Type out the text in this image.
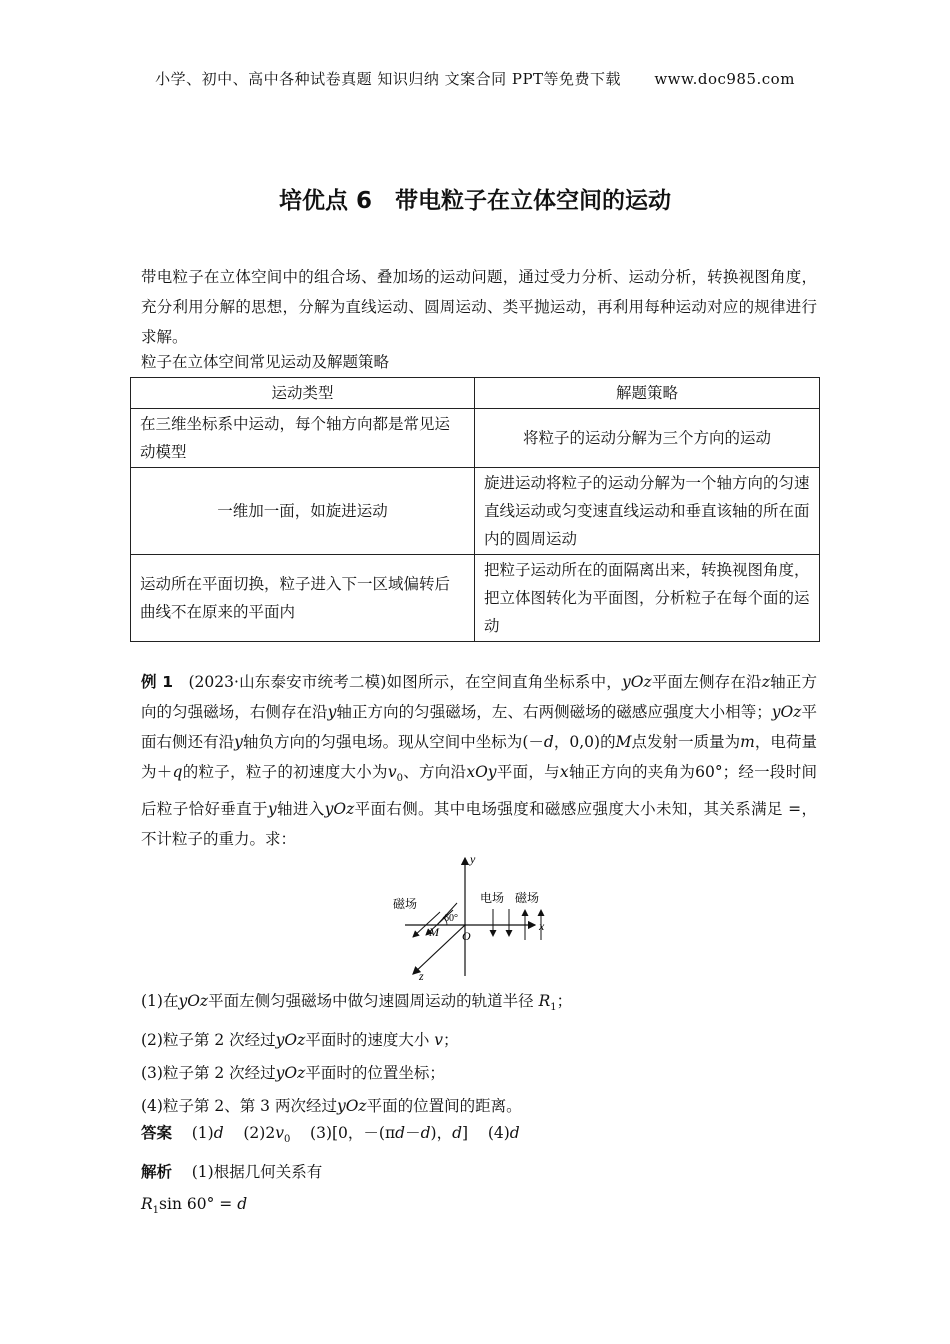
小学、初中、高中各种试卷真题 知识归纳 文案合同 PPT等免费下载 www.doc985.com
培优点 6　带电粒子在立体空间的运动

带电粒子在立体空间中的组合场、叠加场的运动问题，通过受力分析、运动分析，转换视图角度，充分利用分解的思想，分解为直线运动、圆周运动、类平抛运动，再利用每种运动对应的规律进行求解。

粒子在立体空间常见运动及解题策略
运动类型	解题策略
在三维坐标系中运动，每个轴方向都是常见运动模型	将粒子的运动分解为三个方向的运动
一维加一面，如旋进运动	旋进运动将粒子的运动分解为一个轴方向的匀速直线运动或匀变速直线运动和垂直该轴的所在面内的圆周运动
运动所在平面切换，粒子进入下一区域偏转后曲线不在原来的平面内	把粒子运动所在的面隔离出来，转换视图角度，把立体图转化为平面图，分析粒子在每个面的运动

例 1 (2023·山东泰安市统考二模)如图所示，在空间直角坐标系中，yOz平面左侧存在沿z轴正方向的匀强磁场，右侧存在沿y轴正方向的匀强磁场，左、右两侧磁场的磁感应强度大小相等；yOz平面右侧还有沿y轴负方向的匀强电场。现从空间中坐标为(－d，0,0)的M点发射一质量为m，电荷量为＋q的粒子，粒子的初速度大小为$v_0$、方向沿xOy平面，与x轴正方向的夹角为60°；经一段时间后粒子恰好垂直于y轴进入yOz平面右侧。其中电场强度和磁感应强度大小未知，其关系满足 =，不计粒子的重力。求：

y
x
z
O
M
60°
磁场	电场 磁场
(1)在yOz平面左侧匀强磁场中做匀速圆周运动的轨道半径 $R_1$；
(2)粒子第 2 次经过yOz平面时的速度大小 v；
(3)粒子第 2 次经过yOz平面时的位置坐标；
(4)粒子第 2、第 3 两次经过yOz平面的位置间的距离。
答案 (1)d $(2)2v_0$ (3)[0，－(πd－d)，d] (4)d
解析 (1)根据几何关系有
$R_1\sin$ 60° = d
